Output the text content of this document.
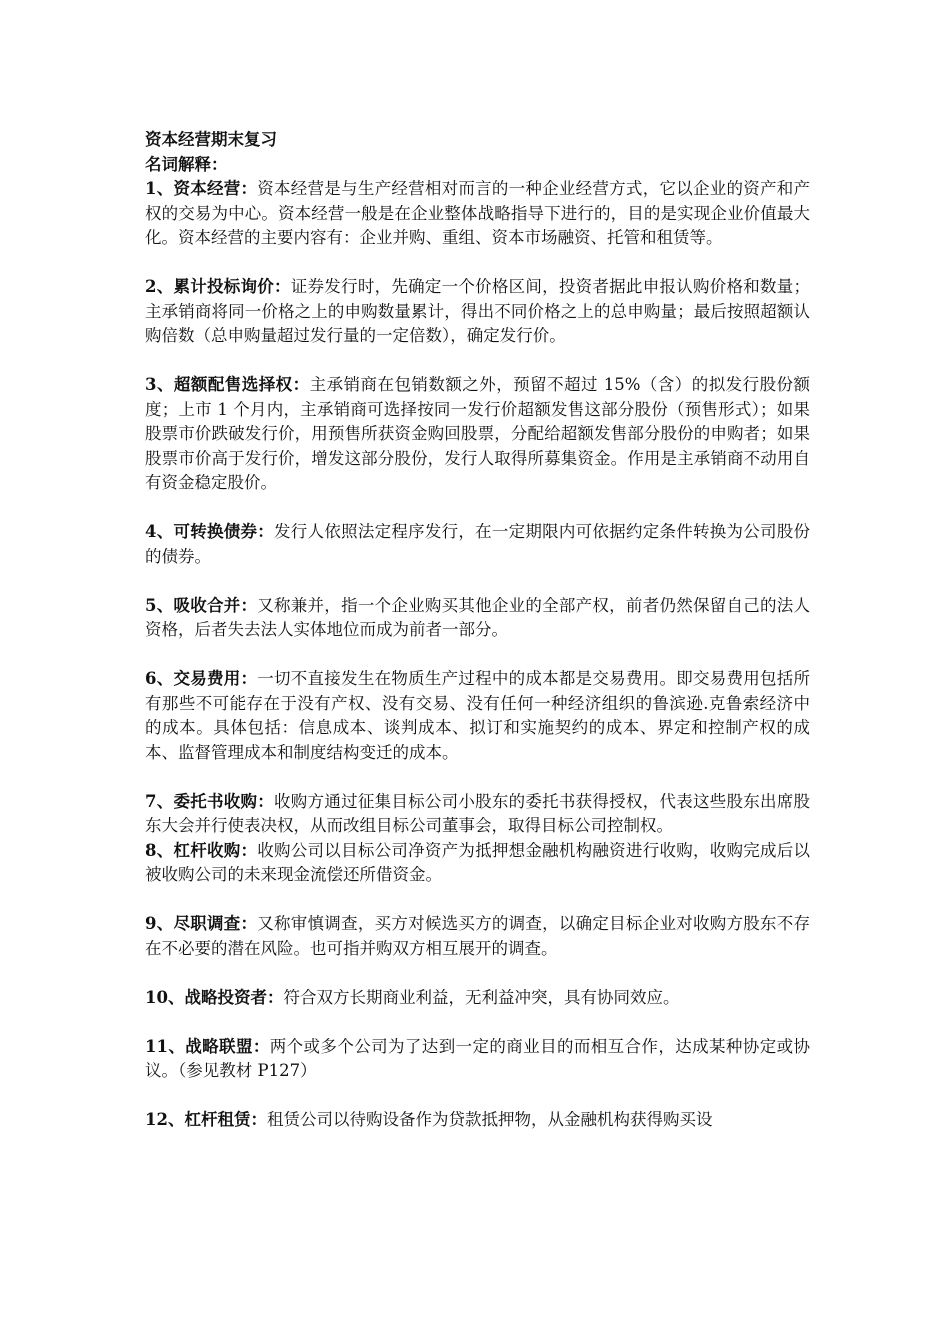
资本经营期末复习
名词解释：

1、资本经营：资本经营是与生产经营相对而言的一种企业经营方式，它以企业的资产和产权的交易为中心。资本经营一般是在企业整体战略指导下进行的，目的是实现企业价值最大化。资本经营的主要内容有：企业并购、重组、资本市场融资、托管和租赁等。

2、累计投标询价：证券发行时，先确定一个价格区间，投资者据此申报认购价格和数量；主承销商将同一价格之上的申购数量累计，得出不同价格之上的总申购量；最后按照超额认购倍数（总申购量超过发行量的一定倍数），确定发行价。

3、超额配售选择权：主承销商在包销数额之外，预留不超过 15%（含）的拟发行股份额度；上市 1 个月内，主承销商可选择按同一发行价超额发售这部分股份（预售形式）；如果股票市价跌破发行价，用预售所获资金购回股票，分配给超额发售部分股份的申购者；如果股票市价高于发行价，增发这部分股份，发行人取得所募集资金。作用是主承销商不动用自有资金稳定股价。

4、可转换债券：发行人依照法定程序发行，在一定期限内可依据约定条件转换为公司股份的债券。

5、吸收合并：又称兼并，指一个企业购买其他企业的全部产权，前者仍然保留自己的法人资格，后者失去法人实体地位而成为前者一部分。

6、交易费用：一切不直接发生在物质生产过程中的成本都是交易费用。即交易费用包括所有那些不可能存在于没有产权、没有交易、没有任何一种经济组织的鲁滨逊.克鲁索经济中的成本。具体包括：信息成本、谈判成本、拟订和实施契约的成本、界定和控制产权的成本、监督管理成本和制度结构变迁的成本。

7、委托书收购：收购方通过征集目标公司小股东的委托书获得授权，代表这些股东出席股东大会并行使表决权，从而改组目标公司董事会，取得目标公司控制权。

8、杠杆收购：收购公司以目标公司净资产为抵押想金融机构融资进行收购，收购完成后以被收购公司的未来现金流偿还所借资金。

9、尽职调查：又称审慎调查，买方对候选买方的调查，以确定目标企业对收购方股东不存在不必要的潜在风险。也可指并购双方相互展开的调查。

10、战略投资者：符合双方长期商业利益，无利益冲突，具有协同效应。

11、战略联盟：两个或多个公司为了达到一定的商业目的而相互合作，达成某种协定或协议。（参见教材 P127）

12、杠杆租赁：租赁公司以待购设备作为贷款抵押物，从金融机构获得购买设
